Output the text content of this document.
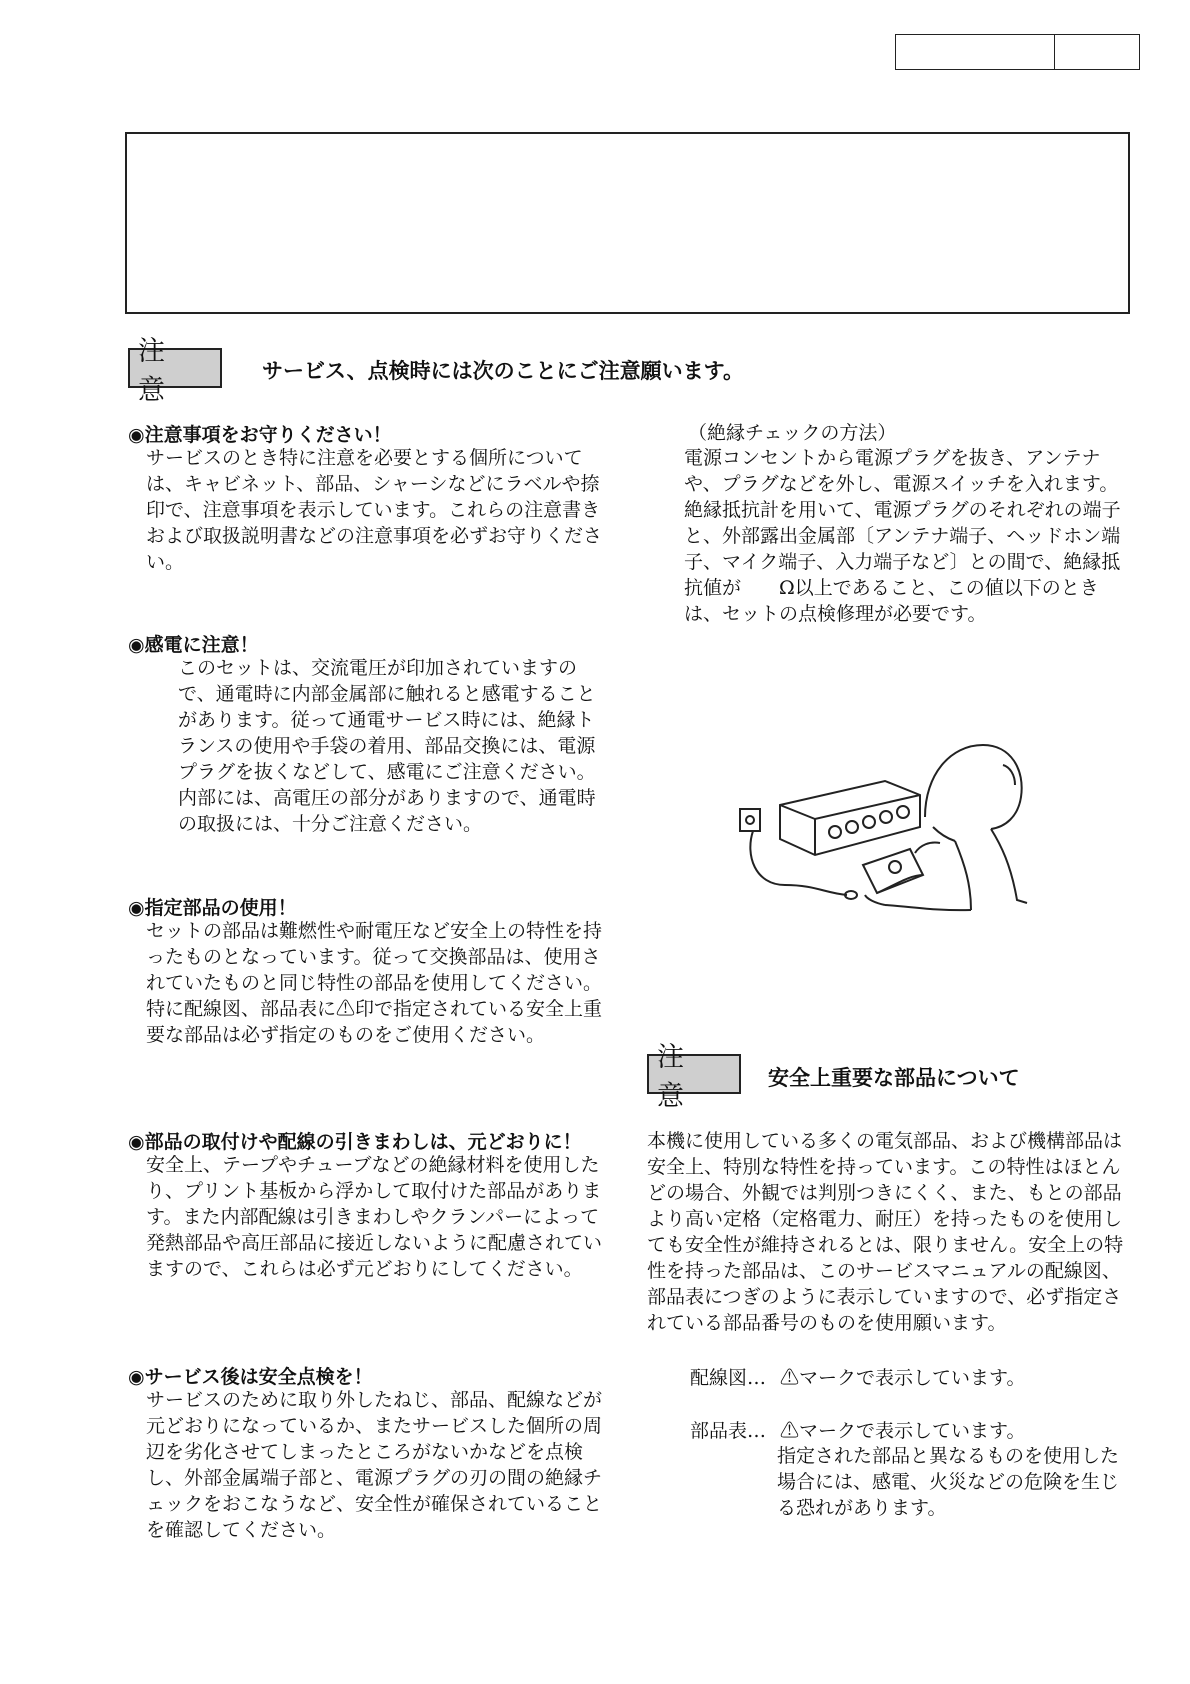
注 意
サービス、点検時には次のことにご注意願います。
◉注意事項をお守りください！
サービスのとき特に注意を必要とする個所については、キャビネット、部品、シャーシなどにラベルや捺印で、注意事項を表示しています。これらの注意書きおよび取扱説明書などの注意事項を必ずお守りください。
◉感電に注意！
このセットは、交流電圧が印加されていますので、通電時に内部金属部に触れると感電することがあります。従って通電サービス時には、絶縁トランスの使用や手袋の着用、部品交換には、電源プラグを抜くなどして、感電にご注意ください。
内部には、高電圧の部分がありますので、通電時の取扱には、十分ご注意ください。
◉指定部品の使用！
セットの部品は難燃性や耐電圧など安全上の特性を持ったものとなっています。従って交換部品は、使用されていたものと同じ特性の部品を使用してください。特に配線図、部品表に⚠印で指定されている安全上重要な部品は必ず指定のものをご使用ください。
◉部品の取付けや配線の引きまわしは、元どおりに！
安全上、テープやチューブなどの絶縁材料を使用したり、プリント基板から浮かして取付けた部品があります。また内部配線は引きまわしやクランパーによって発熱部品や高圧部品に接近しないように配慮されていますので、これらは必ず元どおりにしてください。
◉サービス後は安全点検を！
サービスのために取り外したねじ、部品、配線などが元どおりになっているか、またサービスした個所の周辺を劣化させてしまったところがないかなどを点検し、外部金属端子部と、電源プラグの刃の間の絶縁チェックをおこなうなど、安全性が確保されていることを確認してください。
（絶縁チェックの方法）
電源コンセントから電源プラグを抜き、アンテナや、プラグなどを外し、電源スイッチを入れます。　　　絶縁抵抗計を用いて、電源プラグのそれぞれの端子と、外部露出金属部〔アンテナ端子、ヘッドホン端子、マイク端子、入力端子など〕との間で、絶縁抵抗値が　　Ω以上であること、この値以下のときは、セットの点検修理が必要です。
注 意
安全上重要な部品について
本機に使用している多くの電気部品、および機構部品は安全上、特別な特性を持っています。この特性はほとんどの場合、外観では判別つきにくく、また、もとの部品より高い定格（定格電力、耐圧）を持ったものを使用しても安全性が維持されるとは、限りません。安全上の特性を持った部品は、このサービスマニュアルの配線図、部品表につぎのように表示していますので、必ず指定されている部品番号のものを使用願います。
配線図… ⚠マークで表示しています。
部品表… ⚠マークで表示しています。
指定された部品と異なるものを使用した場合には、感電、火災などの危険を生じる恐れがあります。
